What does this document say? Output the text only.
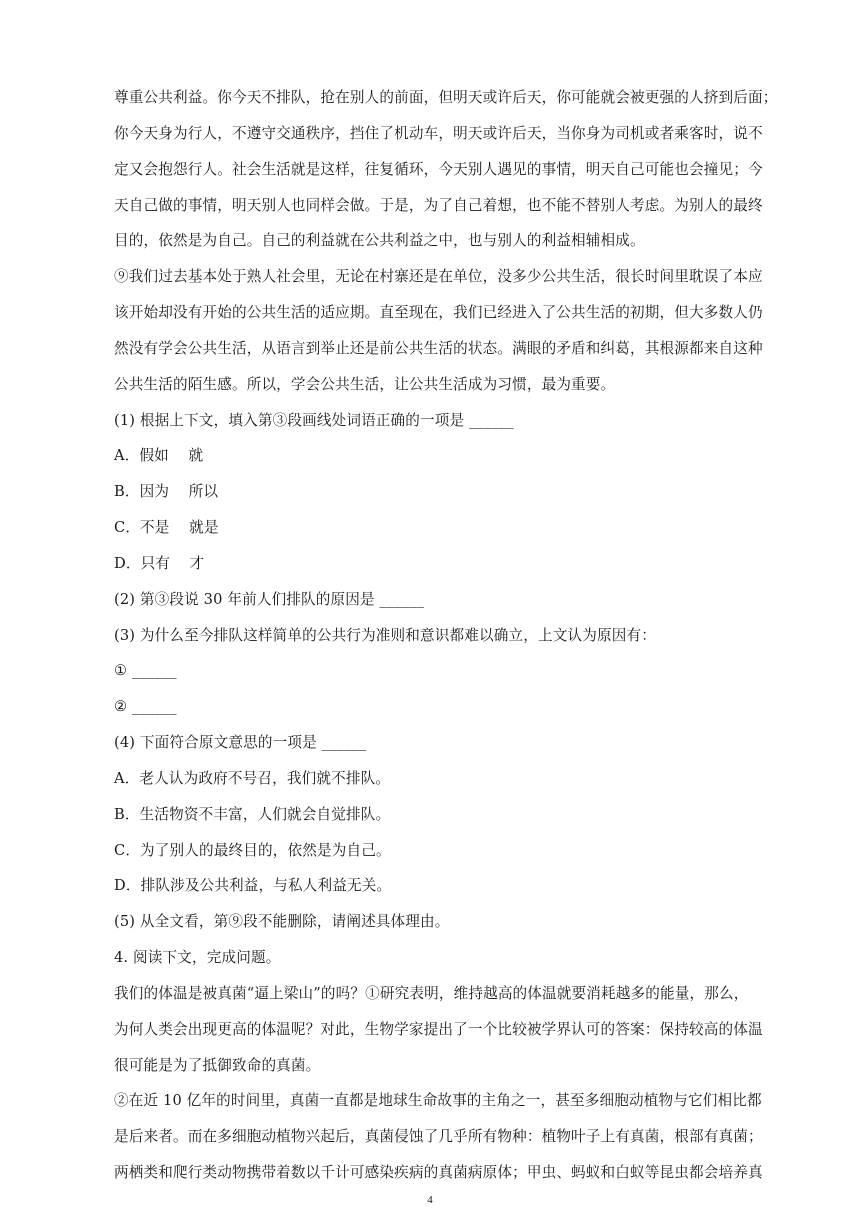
尊重公共利益。你今天不排队，抢在别人的前面，但明天或许后天，你可能就会被更强的人挤到后面；
你今天身为行人，不遵守交通秩序，挡住了机动车，明天或许后天，当你身为司机或者乘客时，说不
定又会抱怨行人。社会生活就是这样，往复循环，今天别人遇见的事情，明天自己可能也会撞见；今
天自己做的事情，明天别人也同样会做。于是，为了自己着想，也不能不替别人考虑。为别人的最终
目的，依然是为自己。自己的利益就在公共利益之中，也与别人的利益相辅相成。
⑨我们过去基本处于熟人社会里，无论在村寨还是在单位，没多少公共生活，很长时间里耽误了本应
该开始却没有开始的公共生活的适应期。直至现在，我们已经进入了公共生活的初期，但大多数人仍
然没有学会公共生活，从语言到举止还是前公共生活的状态。满眼的矛盾和纠葛，其根源都来自这种
公共生活的陌生感。所以，学会公共生活，让公共生活成为习惯，最为重要。
(1) 根据上下文，填入第③段画线处词语正确的一项是 ______
A．假如　 就
B．因为　 所以
C．不是　 就是
D．只有　 才
(2) 第③段说 30 年前人们排队的原因是 ______
(3) 为什么至今排队这样简单的公共行为准则和意识都难以确立，上文认为原因有：
① ______
② ______
(4) 下面符合原文意思的一项是 ______
A．老人认为政府不号召，我们就不排队。
B．生活物资不丰富，人们就会自觉排队。
C．为了别人的最终目的，依然是为自己。
D．排队涉及公共利益，与私人利益无关。
(5) 从全文看，第⑨段不能删除，请阐述具体理由。
4. 阅读下文，完成问题。
我们的体温是被真菌“逼上梁山”的吗？①研究表明，维持越高的体温就要消耗越多的能量，那么，
为何人类会出现更高的体温呢？对此，生物学家提出了一个比较被学界认可的答案：保持较高的体温
很可能是为了抵御致命的真菌。
②在近 10 亿年的时间里，真菌一直都是地球生命故事的主角之一，甚至多细胞动植物与它们相比都
是后来者。而在多细胞动植物兴起后，真菌侵蚀了几乎所有物种：植物叶子上有真菌，根部有真菌；
两栖类和爬行类动物携带着数以千计可感染疾病的真菌病原体；甲虫、蚂蚁和白蚁等昆虫都会培养真
4
